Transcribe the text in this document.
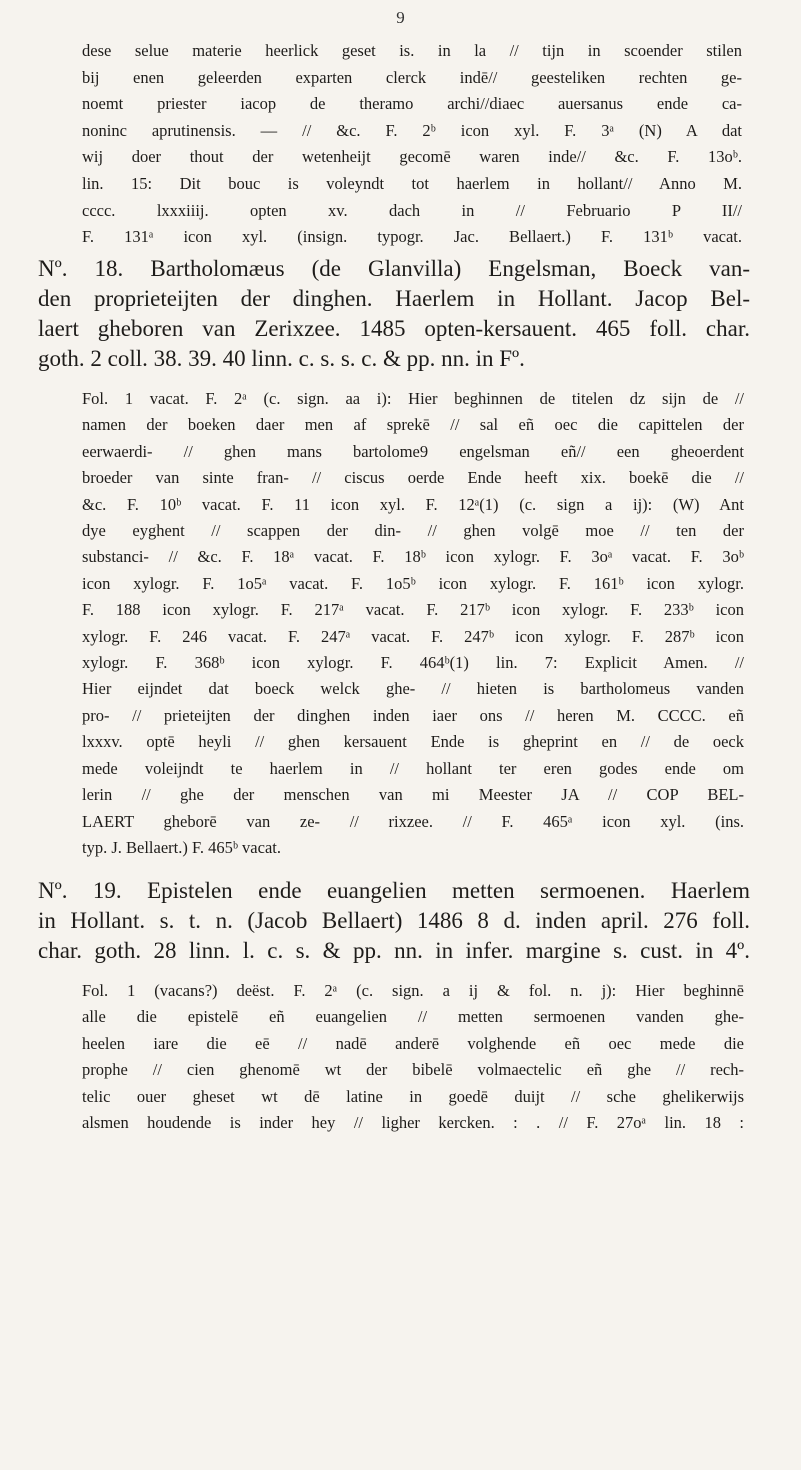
9
dese selue materie heerlick geset is. in la // tijn in scoender stilen
bij enen geleerden exparten clerck indē// geesteliken rechten ge-
noemt priester iacop de theramo archi//diaec auersanus ende ca-
noninc aprutinensis. — // &c. F. 2ᵇ icon xyl. F. 3ᵃ (N) A dat
wij doer thout der wetenheijt gecomē waren inde// &c. F. 13oᵇ.
lin. 15: Dit bouc is voleyndt tot haerlem in hollant// Anno M.
cccc. lxxxiiij. opten xv. dach in // Februario P II//
F. 131ᵃ icon xyl. (insign. typogr. Jac. Bellaert.) F. 131ᵇ vacat.
Nº. 18. Bartholomæus (de Glanvilla) Engelsman, Boeck van-
den proprieteijten der dinghen. Haerlem in Hollant. Jacop Bel-
laert gheboren van Zerixzee. 1485 opten-kersauent. 465 foll. char.
goth. 2 coll. 38. 39. 40 linn. c. s. s. c. & pp. nn. in Fº.
Fol. 1 vacat. F. 2ᵃ (c. sign. aa i): Hier beghinnen de titelen dz sijn de //
namen der boeken daer men af sprekē // sal eñ oec die capittelen der
eerwaerdi- // ghen mans bartolome9 engelsman eñ// een gheoerdent
broeder van sinte fran- // ciscus oerde Ende heeft xix. boekē die //
&c. F. 10ᵇ vacat. F. 11 icon xyl. F. 12ᵃ(1) (c. sign a ij): (W) Ant
dye eyghent // scappen der din- // ghen volgē moe // ten der
substanci- // &c. F. 18ᵃ vacat. F. 18ᵇ icon xylogr. F. 3oᵃ vacat. F. 3oᵇ
icon xylogr. F. 1o5ᵃ vacat. F. 1o5ᵇ icon xylogr. F. 161ᵇ icon xylogr.
F. 188 icon xylogr. F. 217ᵃ vacat. F. 217ᵇ icon xylogr. F. 233ᵇ icon
xylogr. F. 246 vacat. F. 247ᵃ vacat. F. 247ᵇ icon xylogr. F. 287ᵇ icon
xylogr. F. 368ᵇ icon xylogr. F. 464ᵇ(1) lin. 7: Explicit Amen. //
Hier eijndet dat boeck welck ghe- // hieten is bartholomeus vanden
pro- // prieteijten der dinghen inden iaer ons // heren M. CCCC. eñ
lxxxv. optē heyli // ghen kersauent Ende is gheprint en // de oeck
mede voleijndt te haerlem in // hollant ter eren godes ende om
lerin // ghe der menschen van mi Meester JA // COP BEL-
LAERT gheborē van ze- // rixzee. // F. 465ᵃ icon xyl. (ins.
typ. J. Bellaert.) F. 465ᵇ vacat.
Nº. 19. Epistelen ende euangelien metten sermoenen. Haerlem
in Hollant. s. t. n. (Jacob Bellaert) 1486 8 d. inden april. 276 foll.
char. goth. 28 linn. l. c. s. & pp. nn. in infer. margine s. cust. in 4º.
Fol. 1 (vacans?) deëst. F. 2ᵃ (c. sign. a ij & fol. n. j): Hier beghinnē
alle die epistelē eñ euangelien // metten sermoenen vanden ghe-
heelen iare die eē // nadē anderē volghende eñ oec mede die
prophe // cien ghenomē wt der bibelē volmaectelic eñ ghe // rech-
telic ouer gheset wt dē latine in goedē duijt // sche ghelikerwijs
alsmen houdende is inder hey // ligher kercken. : . // F. 27oᵃ lin. 18 :
